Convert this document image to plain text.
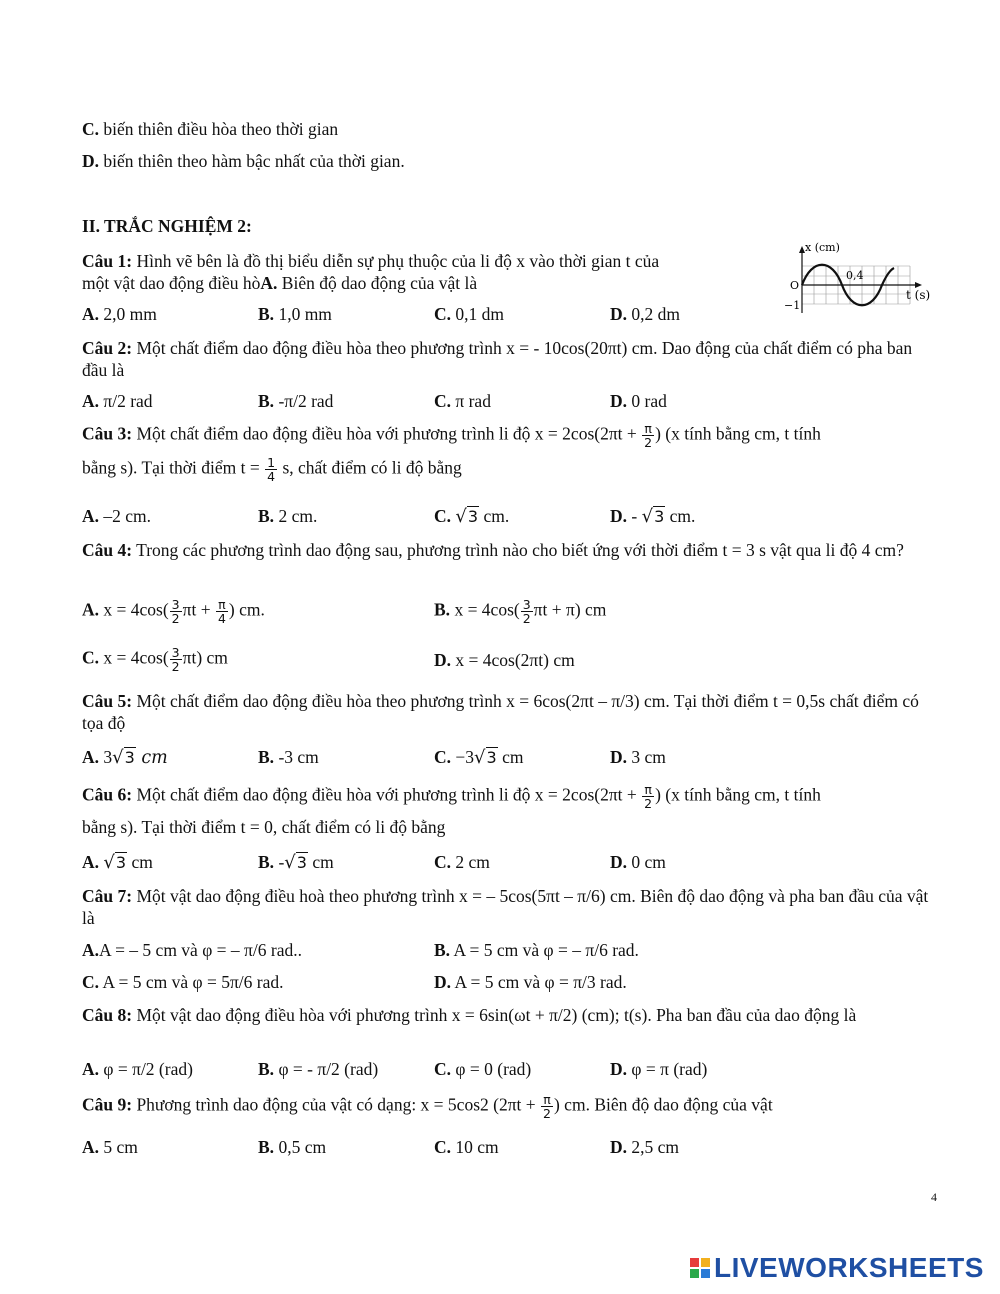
C. biến thiên điều hòa theo thời gian
D. biến thiên theo hàm bậc nhất của thời gian.
II. TRẮC NGHIỆM 2:
Câu 1: Hình vẽ bên là đồ thị biểu diễn sự phụ thuộc của li độ x vào thời gian t của
một vật dao động điều hòA. Biên độ dao động của vật là
x (cm)
t (s)
O
−1
0,4
A. 2,0 mm	B. 1,0 mm	C. 0,1 dm	D. 0,2 dm
Câu 2: Một chất điểm dao động điều hòa theo phương trình x = - 10cos(20πt) cm. Dao động của chất điểm có pha ban đầu là
A. π/2 rad	B. -π/2 rad	C. π rad	D. 0 rad
Câu 3: Một chất điểm dao động điều hòa với phương trình li độ $x = 2\cos(2\pi t + \frac{\pi}{2}$ ) (x tính bằng cm, t tính
bằng s). Tại thời điểm $t = \frac{1}{4} s$, chất điểm có li độ bằng
A. –2 cm.	B. 2 cm.	C. √3 cm.	D. - √3 cm.
Câu 4: Trong các phương trình dao động sau, phương trình nào cho biết ứng với thời điểm t = 3 s vật qua li độ 4 cm?
A. $x = 4\cos( \frac{3}{2}$ $\pi t + \frac{\pi}{4}$ ) cm.	B. $x = 4\cos( \frac{3}{2}$ πt + π) cm
C. $x = 4\cos( \frac{3}{2} \pi t)$ cm	D. x = 4cos(2πt) cm
Câu 5: Một chất điểm dao động điều hòa theo phương trình x = 6cos(2πt – π/3) cm. Tại thời điểm t = 0,5s chất điểm có tọa độ
A. 3√3 cm	B. -3 cm	C. −3√3 cm	D. 3 cm
Câu 6: Một chất điểm dao động điều hòa với phương trình li độ $x = 2\cos(2\pi t + \frac{\pi}{2}$ ) (x tính bằng cm, t tính
bằng s). Tại thời điểm t = 0, chất điểm có li độ bằng
A. √3 cm	B. -√3 cm	C. 2 cm	D. 0 cm
Câu 7: Một vật dao động điều hoà theo phương trình x = – 5cos(5πt – π/6) cm. Biên độ dao động và pha ban đầu của vật là
A.A = – 5 cm và φ = – π/6 rad..	B. A = 5 cm và φ = – π/6 rad.
C. A = 5 cm và φ = 5π/6 rad.	D. A = 5 cm và φ = π/3 rad.
Câu 8: Một vật dao động điều hòa với phương trình x = 6sin(ωt + π/2) (cm); t(s). Pha ban đầu của dao động là
A. φ = π/2 (rad)	B. φ = - π/2 (rad)	C. φ = 0 (rad)	D. φ = π (rad)
Câu 9: Phương trình dao động của vật có dạng: x = 5cos2 ($2\pi t + \frac{\pi}{2}$ ) cm. Biên độ dao động của vật
A. 5 cm	B. 0,5 cm	C. 10 cm	D. 2,5 cm
4
LIVEWORKSHEETS
